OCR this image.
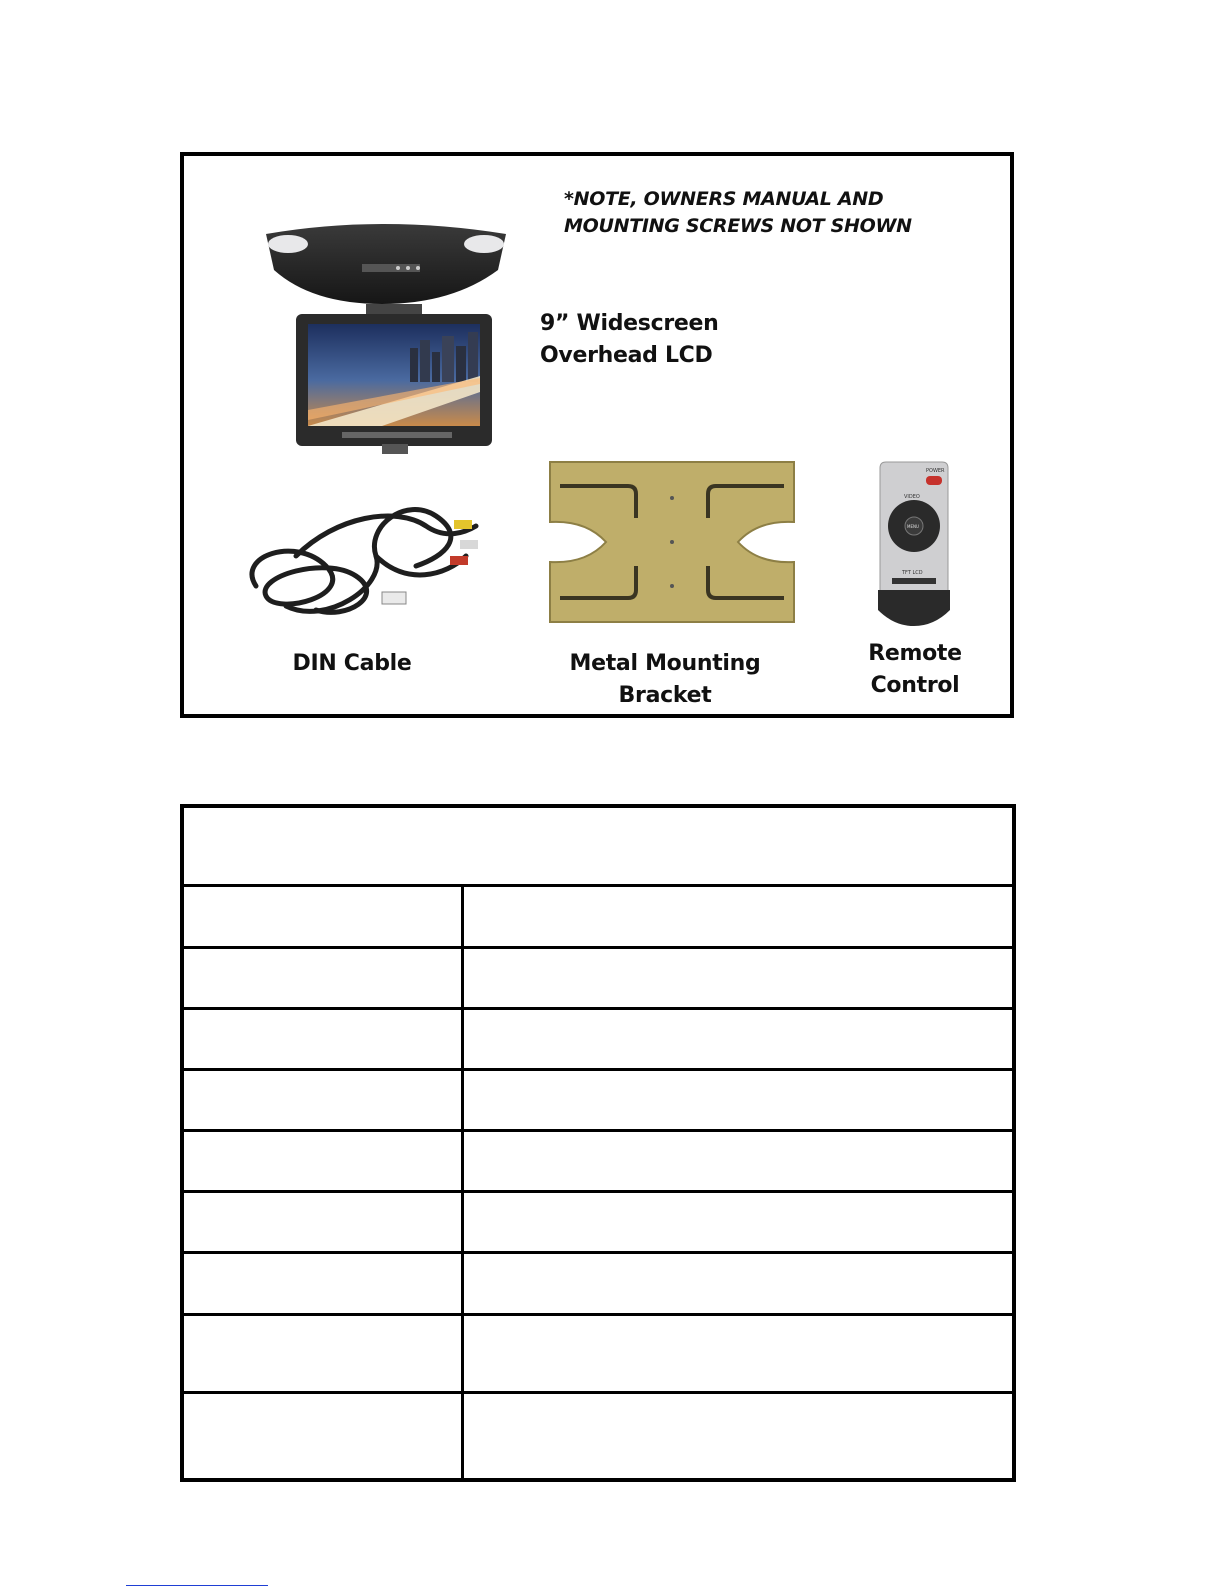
*NOTE, OWNERS MANUAL AND
MOUNTING SCREWS NOT SHOWN
9” Widescreen
Overhead LCD
DIN Cable	Metal Mounting
Bracket
POWER
VIDEO
MENU
TFT LCD
Remote
Control
